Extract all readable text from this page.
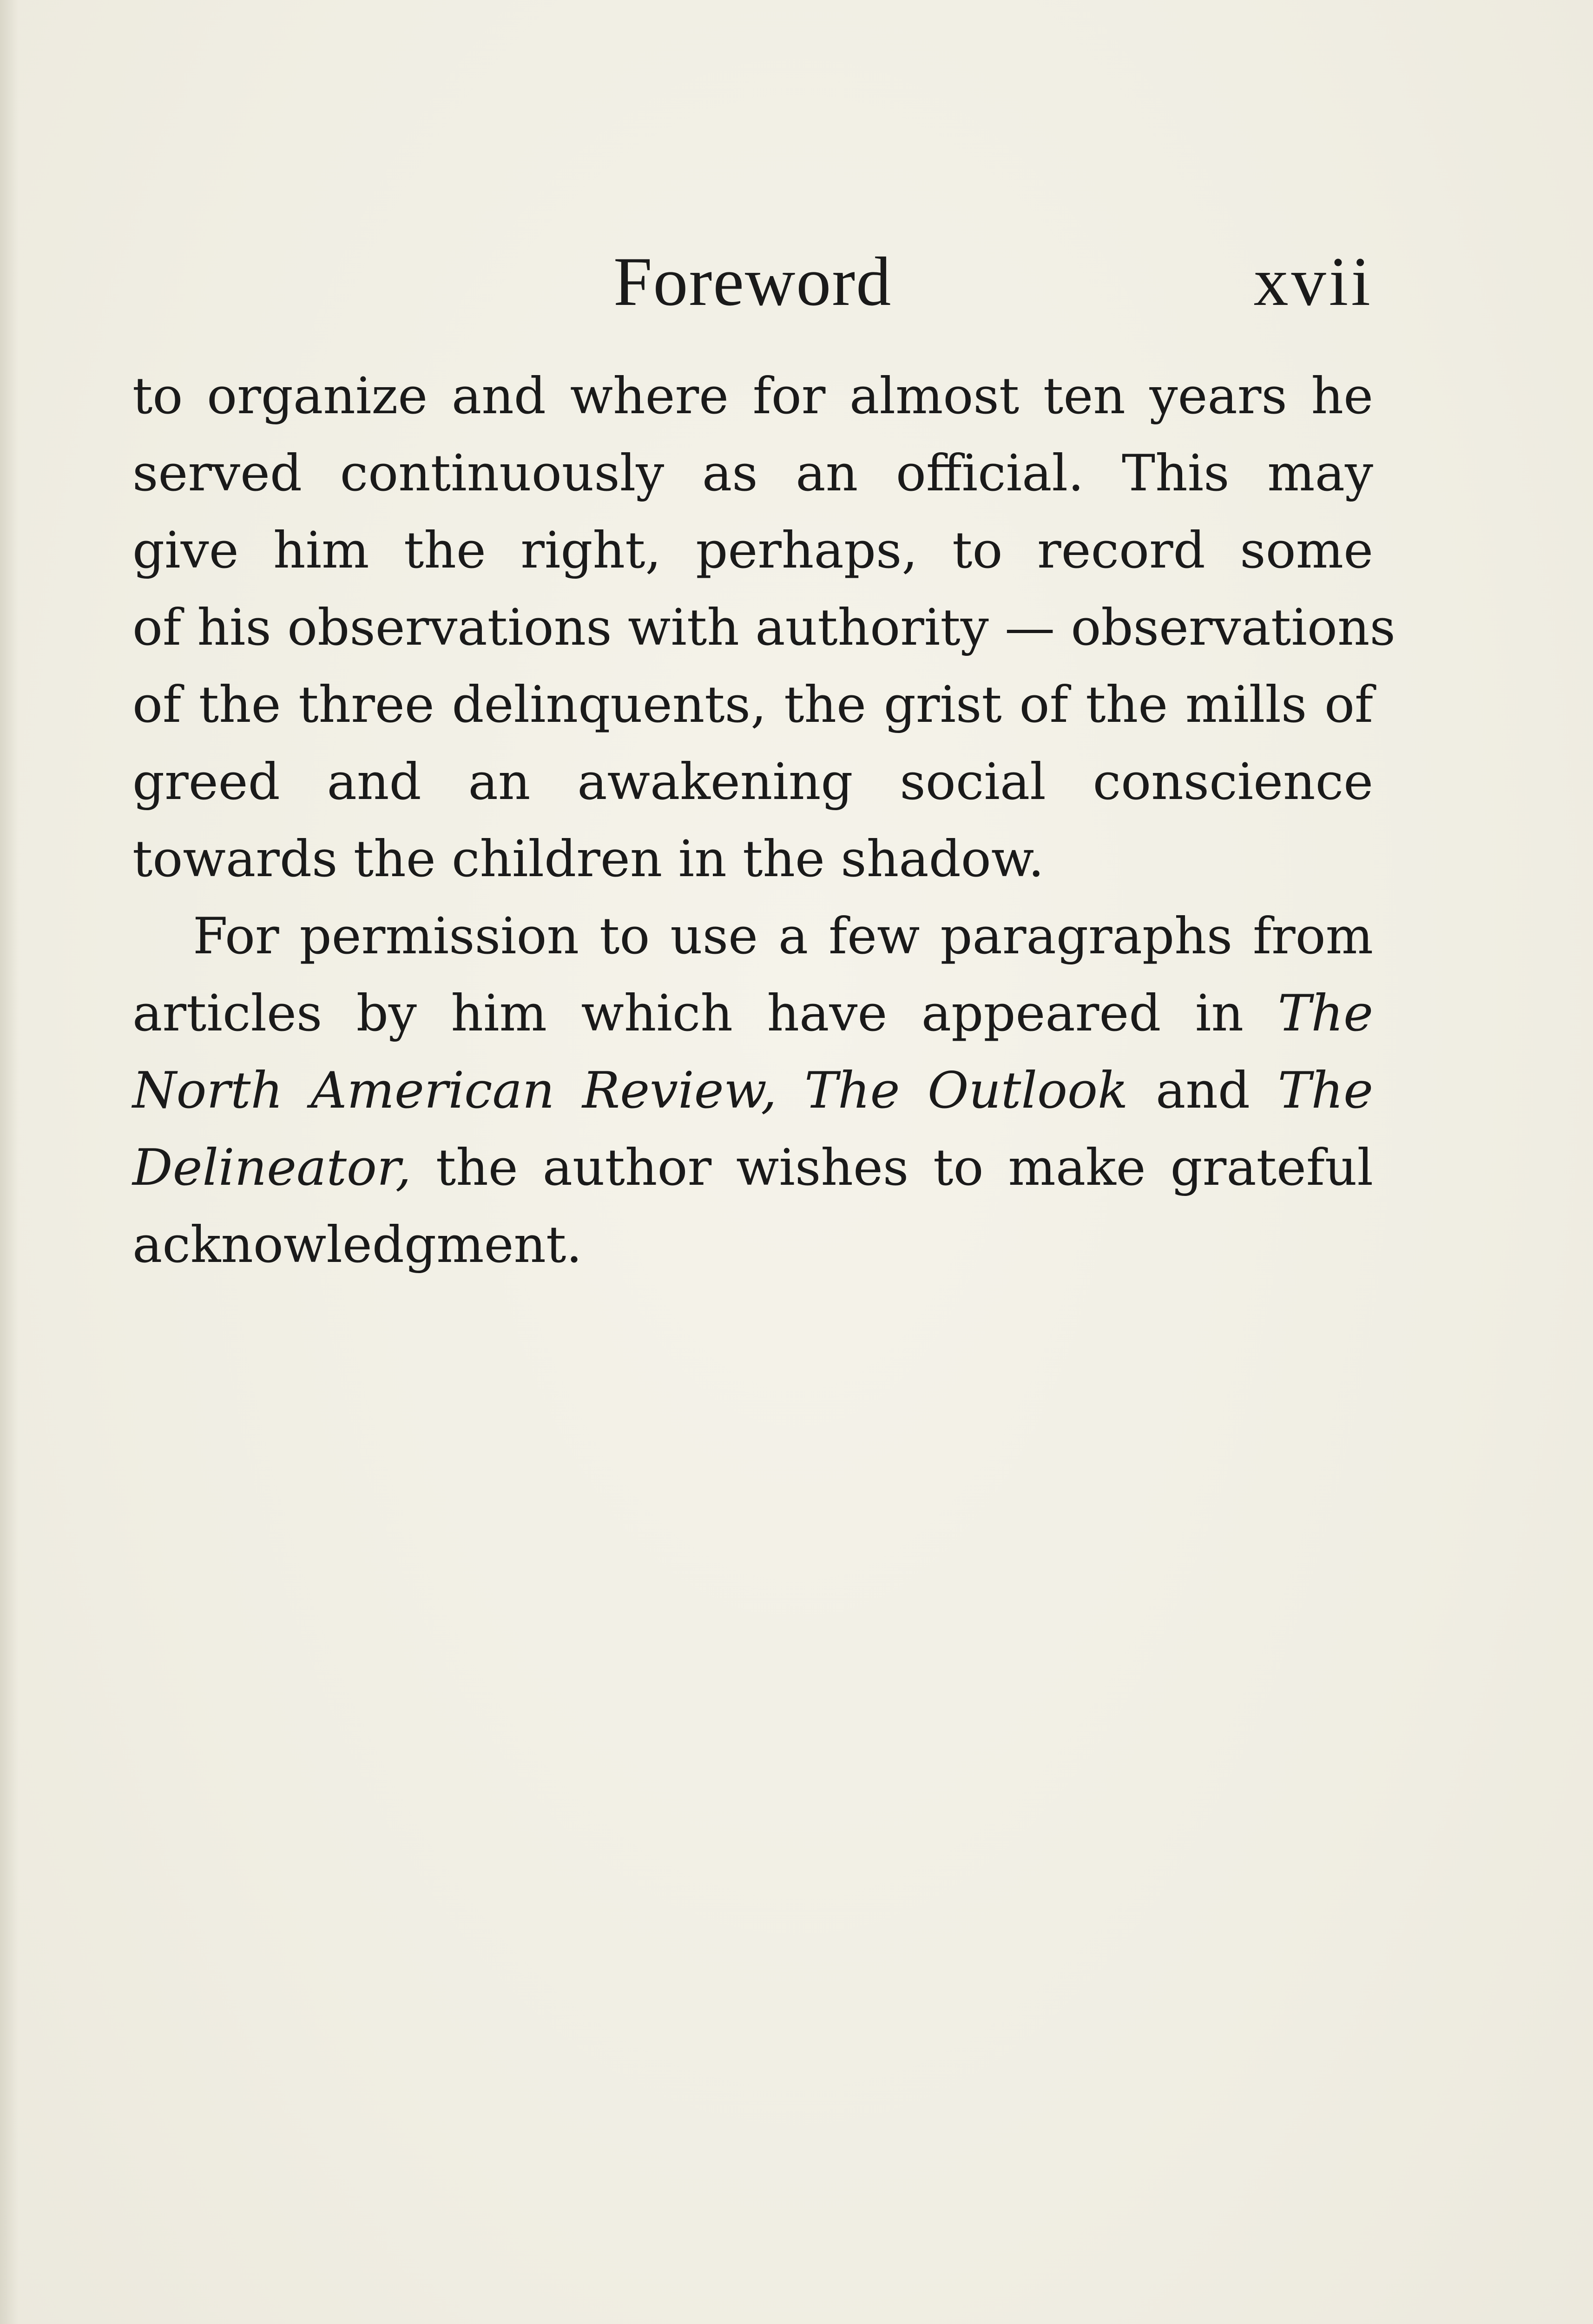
Foreword	xvii
to organize and where for almost ten years he
served continuously as an official. This may
give him the right, perhaps, to record some
of his observations with authority — observations
of the three delinquents, the grist of the mills of
greed and an awakening social conscience
towards the children in the shadow.
For permission to use a few paragraphs from
articles by him which have appeared in The
North American Review, The Outlook and The
Delineator, the author wishes to make grateful
acknowledgment.
